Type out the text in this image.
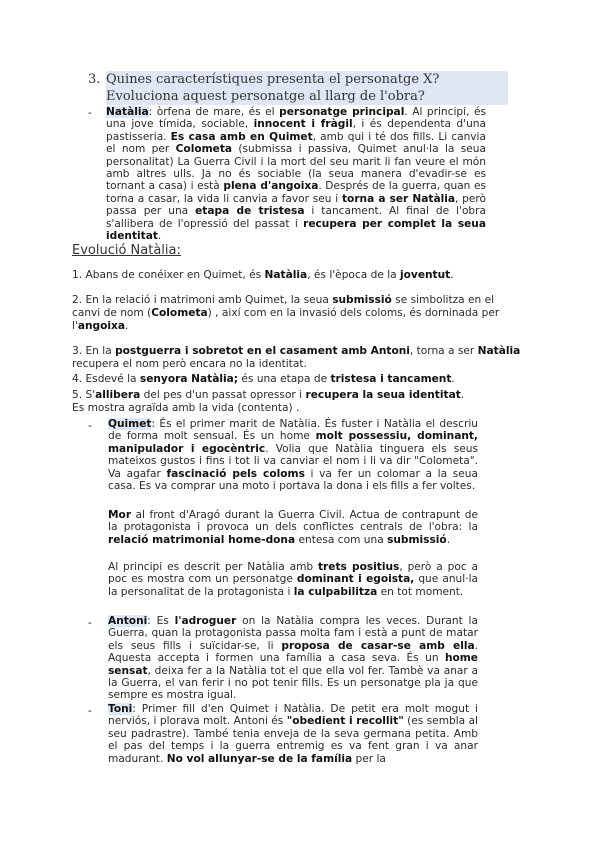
3. Quines característiques presenta el personatge X? Evoluciona aquest personatge al llarg de l'obra?
- Natàlia: òrfena de mare, és el personatge principal. Al principi, és una jove tímida, sociable, innocent i fràgil, i és dependenta d'una pastisseria. Es casa amb en Quimet, amb qui i té dos fills. Li canvia el nom per Colometa (submissa i passiva, Quimet anul·la la seua personalitat) La Guerra Civil i la mort del seu marit li fan veure el món amb altres ulls. Ja no és sociable (la seua manera d'evadir-se es tornant a casa) i està plena d'angoixa. Després de la guerra, quan es torna a casar, la vida li canvia a favor seu i torna a ser Natàlia, però passa per una etapa de tristesa i tancament. Al final de l'obra s'allibera de l'opressió del passat i recupera per complet la seua identitat.
Evolució Natàlia:
1. Abans de conéixer en Quimet, és Natàlia, és l'època de la joventut.
2. En la relació i matrimoni amb Quimet, la seua submissió se simbolitza en el
canvi de nom (Colometa) , així com en la invasió dels coloms, és dorninada per
l'angoixa.
3. En la postguerra i sobretot en el casament amb Antoni, torna a ser Natàlia
recupera el nom però encara no la identitat.
4. Esdevé la senyora Natàlia; és una etapa de tristesa i tancament.
5. S'allibera del pes d'un passat opressor i recupera la seua identitat.
Es mostra agraïda amb la vida (contenta) .
- Quimet: És el primer marit de Natàlia. És fuster i Natàlia el descriu de forma molt sensual. És un home molt possessiu, dominant, manipulador i egocèntric. Volia que Natàlia tinguera els seus mateixos gustos i fins i tot li va canviar el nom i li va dir "Colometa". Va agafar fascinació pels coloms i va fer un colomar a la seua casa. Es va comprar una moto i portava la dona i els fills a fer voltes.
Mor al front d'Aragó durant la Guerra Civil. Actua de contrapunt de la protagonista i provoca un dels conflictes centrals de l'obra: la relació matrimonial home-dona entesa com una submissió.
Al principi es descrit per Natàlia amb trets positius, però a poc a poc es mostra com un personatge dominant i egoista, que anul·la la personalitat de la protagonista i la culpabilitza en tot moment.
- Antoni: Es l'adroguer on la Natàlia compra les veces. Durant la Guerra, quan la protagonista passa molta fam i està a punt de matar els seus fills i suïcidar-se, li proposa de casar-se amb ella. Aquesta accepta i formen una família a casa seva. És un home sensat, deixa fer a la Natàlia tot el que ella vol fer. Tambè va anar a la Guerra, el van ferir i no pot tenir fills. Es un personatge pla ja que sempre es mostra igual.
- Toni: Primer fill d'en Quimet i Natàlia. De petit era molt mogut i nerviós, i plorava molt. Antoni és "obedient i recollit" (es sembla al seu padrastre). També tenia enveja de la seva germana petita. Amb el pas del temps i la guerra entremig es va fent gran i va anar madurant. No vol allunyar-se de la família per la
